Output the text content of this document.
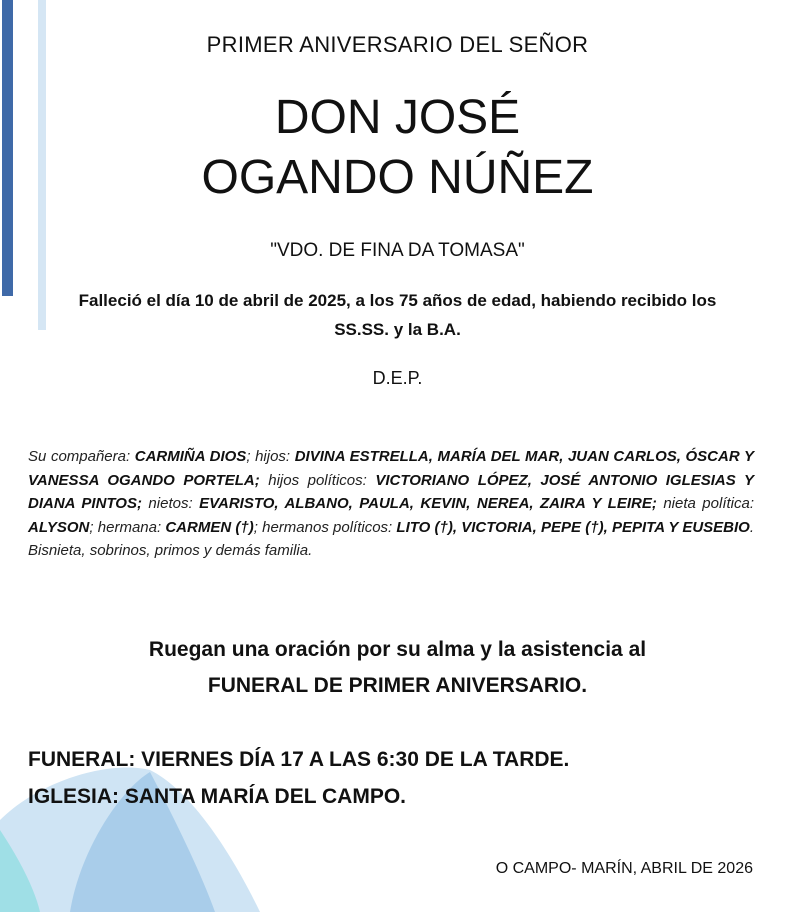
PRIMER ANIVERSARIO DEL SEÑOR
DON JOSÉ
OGANDO NÚÑEZ
"VDO. DE FINA DA TOMASA"
Falleció el día 10 de abril de 2025, a los 75 años de edad, habiendo recibido los
SS.SS. y la B.A.
D.E.P.
Su compañera: CARMIÑA DIOS; hijos: DIVINA ESTRELLA, MARÍA DEL MAR, JUAN CARLOS, ÓSCAR Y VANESSA OGANDO PORTELA; hijos políticos: VICTORIANO LÓPEZ, JOSÉ ANTONIO IGLESIAS Y DIANA PINTOS; nietos: EVARISTO, ALBANO, PAULA, KEVIN, NEREA, ZAIRA Y LEIRE; nieta política: ALYSON; hermana: CARMEN (†); hermanos políticos: LITO (†), VICTORIA, PEPE (†), PEPITA Y EUSEBIO. Bisnieta, sobrinos, primos y demás familia.
Ruegan una oración por su alma y la asistencia al
FUNERAL DE PRIMER ANIVERSARIO.
FUNERAL: VIERNES DÍA 17 A LAS 6:30 DE LA TARDE.
IGLESIA: SANTA MARÍA DEL CAMPO.
O CAMPO- MARÍN, ABRIL DE 2026
